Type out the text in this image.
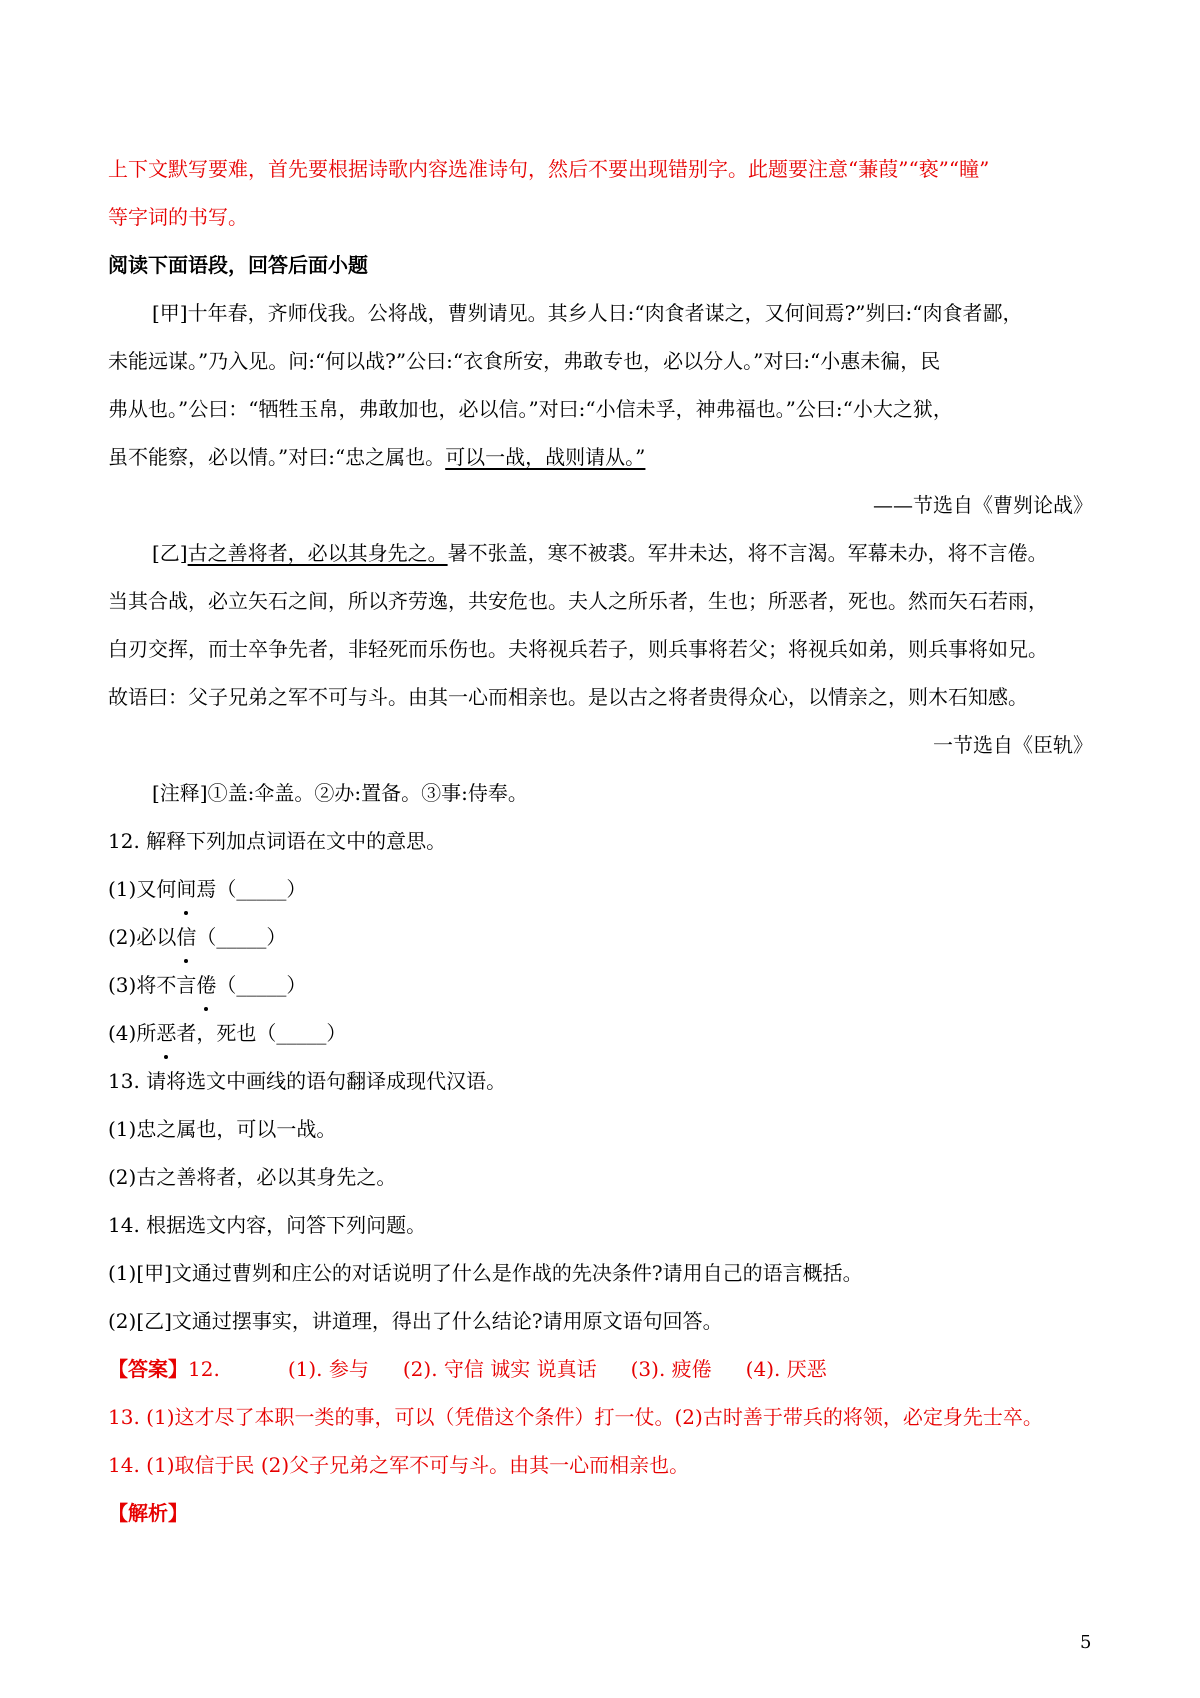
上下文默写要难，首先要根据诗歌内容选准诗句，然后不要出现错别字。此题要注意“蒹葭”“亵”“瞳”
等字词的书写。
阅读下面语段，回答后面小题
[甲]十年春，齐师伐我。公将战，曹刿请见。其乡人日:“肉食者谋之，又何间焉?”刿曰:“肉食者鄙，
未能远谋。”乃入见。问:“何以战?”公曰:“衣食所安，弗敢专也，必以分人。”对曰:“小惠未徧，民
弗从也。”公曰：“牺牲玉帛，弗敢加也，必以信。”对曰:“小信未孚，神弗福也。”公曰:“小大之狱，
虽不能察，必以情。”对曰:“忠之属也。可以一战，战则请从。”
——节选自《曹刿论战》
[乙]古之善将者，必以其身先之。暑不张盖，寒不被裘。军井未达，将不言渴。军幕未办，将不言倦。
当其合战，必立矢石之间，所以齐劳逸，共安危也。夫人之所乐者，生也；所恶者，死也。然而矢石若雨，
白刃交挥，而士卒争先者，非轻死而乐伤也。夫将视兵若子，则兵事将若父；将视兵如弟，则兵事将如兄。
故语曰：父子兄弟之军不可与斗。由其一心而相亲也。是以古之将者贵得众心，以情亲之，则木石知感。
一节选自《臣轨》
[注释]①盖:伞盖。②办:置备。③事:侍奉。
12. 解释下列加点词语在文中的意思。
(1)又何间焉（_____）
(2)必以信（_____）
(3)将不言倦（_____）
(4)所恶者，死也（_____）
13. 请将选文中画线的语句翻译成现代汉语。
(1)忠之属也，可以一战。
(2)古之善将者，必以其身先之。
14. 根据选文内容，问答下列问题。
(1)[甲]文通过曹刿和庄公的对话说明了什么是作战的先决条件?请用自己的语言概括。
(2)[乙]文通过摆事实，讲道理，得出了什么结论?请用原文语句回答。
【答案】12.	(1). 参与 (2). 守信 诚实 说真话 (3). 疲倦 (4). 厌恶
13. (1)这才尽了本职一类的事，可以（凭借这个条件）打一仗。(2)古时善于带兵的将领，必定身先士卒。
14. (1)取信于民 (2)父子兄弟之军不可与斗。由其一心而相亲也。
【解析】
5
